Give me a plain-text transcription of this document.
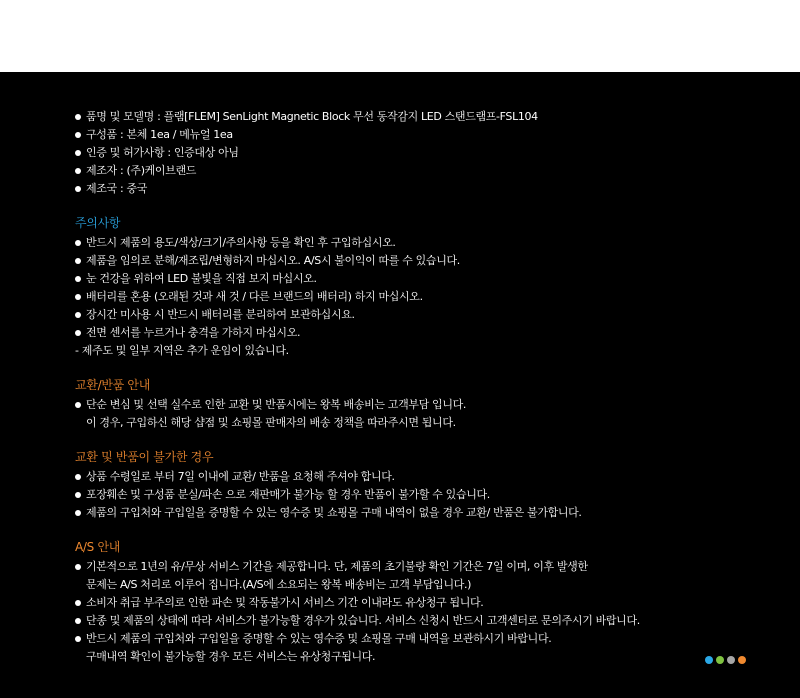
품명 및 모델명 : 플램[FLEM] SenLight Magnetic Block 무선 동작감지 LED 스탠드램프-FSL104
구성품 : 본체 1ea / 메뉴얼 1ea
인증 및 허가사항 : 인증대상 아님
제조자 : (주)케이브랜드
제조국 : 중국
주의사항
반드시 제품의 용도/색상/크기/주의사항 등을 확인 후 구입하십시오.
제품을 임의로 분해/재조립/변형하지 마십시오. A/S시 불이익이 따를 수 있습니다.
눈 건강을 위하여 LED 불빛을 직접 보지 마십시오.
배터리를 혼용 (오래된 것과 새 것 / 다른 브랜드의 배터리) 하지 마십시오.
장시간 미사용 시 반드시 배터리를 분리하여 보관하십시요.
전면 센서를 누르거나 충격을 가하지 마십시오.
- 제주도 및 일부 지역은 추가 운임이 있습니다.
교환/반품 안내
단순 변심 및 선택 실수로 인한 교환 및 반품시에는 왕복 배송비는 고객부담 입니다.
이 경우, 구입하신 해당 샵점 및 쇼핑몰 판매자의 배송 정책을 따라주시면 됩니다.
교환 및 반품이 불가한 경우
상품 수령일로 부터 7일 이내에 교환/ 반품을 요청해 주셔야 합니다.
포장훼손 및 구성품 분실/파손 으로 재판매가 불가능 할 경우 반품이 불가할 수 있습니다.
제품의 구입처와 구입일을 증명할 수 있는 영수증 및 쇼핑몰 구매 내역이 없을 경우 교환/ 반품은 불가합니다.
A/S 안내
기본적으로 1년의 유/무상 서비스 기간을 제공합니다. 단, 제품의 초기불량 확인 기간은 7일 이며, 이후 발생한
문제는 A/S 처리로 이루어 집니다.(A/S에 소요되는 왕복 배송비는 고객 부담입니다.)
소비자 취급 부주의로 인한 파손 및 작동불가시 서비스 기간 이내라도 유상청구 됩니다.
단종 및 제품의 상태에 따라 서비스가 불가능할 경우가 있습니다. 서비스 신청시 반드시 고객센터로 문의주시기 바랍니다.
반드시 제품의 구입처와 구입일을 증명할 수 있는 영수증 및 쇼핑몰 구매 내역을 보관하시기 바랍니다.
구매내역 확인이 불가능할 경우 모든 서비스는 유상청구됩니다.
